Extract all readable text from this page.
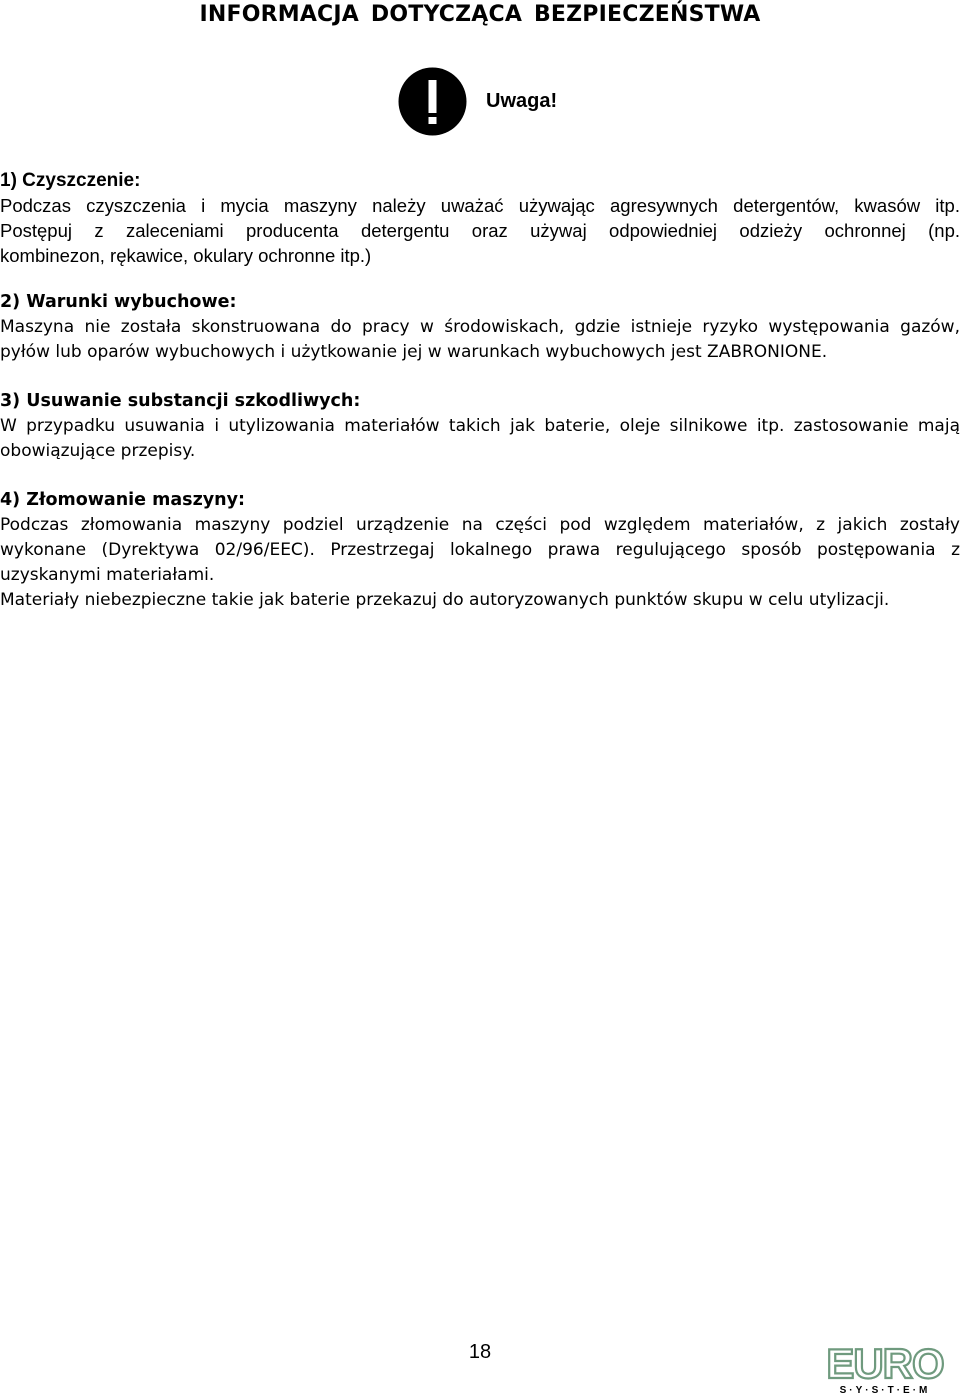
INFORMACJA DOTYCZĄCA BEZPIECZEŃSTWA
Uwaga!
1) Czyszczenie:
Podczas czyszczenia i mycia maszyny należy uważać używając agresywnych detergentów, kwasów itp.
Postępuj z zaleceniami producenta detergentu oraz używaj odpowiedniej odzieży ochronnej (np.
kombinezon, rękawice, okulary ochronne itp.)
2) Warunki wybuchowe:
Maszyna nie została skonstruowana do pracy w środowiskach, gdzie istnieje ryzyko występowania gazów,
pyłów lub oparów wybuchowych i użytkowanie jej w warunkach wybuchowych jest ZABRONIONE.
3) Usuwanie substancji szkodliwych:
W przypadku usuwania i utylizowania materiałów takich jak baterie, oleje silnikowe itp. zastosowanie mają
obowiązujące przepisy.
4) Złomowanie maszyny:
Podczas złomowania maszyny podziel urządzenie na części pod względem materiałów, z jakich zostały
wykonane (Dyrektywa 02/96/EEC). Przestrzegaj lokalnego prawa regulującego sposób postępowania z
uzyskanymi materiałami.
Materiały niebezpieczne takie jak baterie przekazuj do autoryzowanych punktów skupu w celu utylizacji.
18	EURO
S·Y·S·T·E·M
